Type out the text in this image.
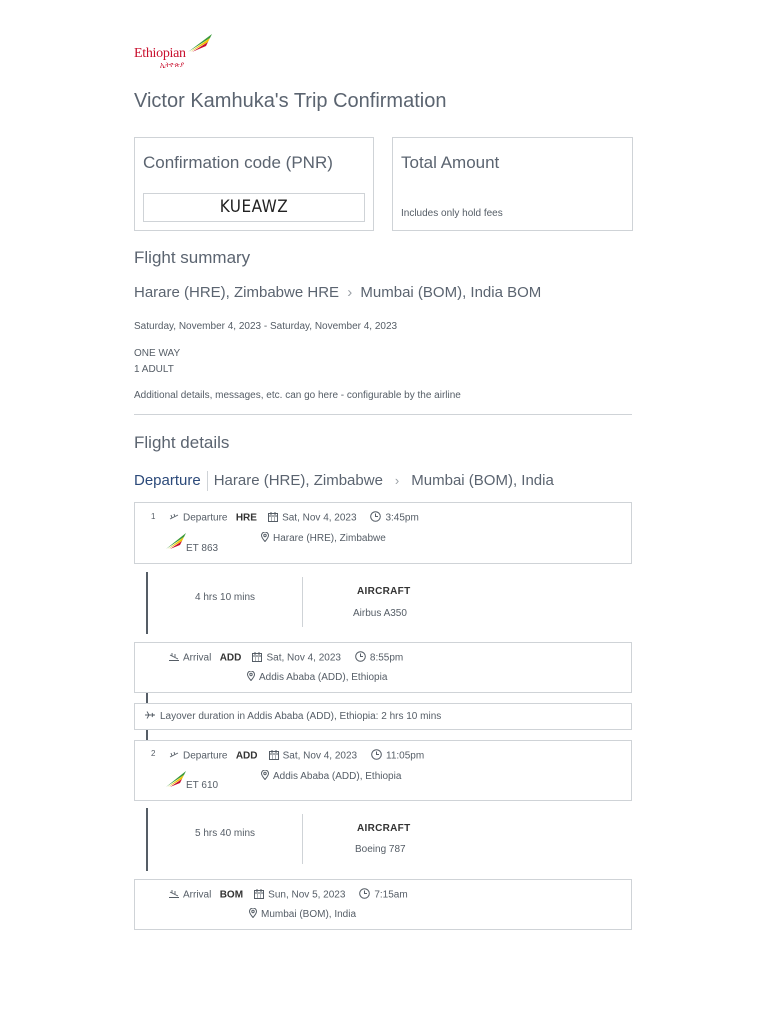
Ethiopian
ኢትዮጵያ
Victor Kamhuka's Trip Confirmation
Confirmation code (PNR)
KUEAWZ
Total Amount
Includes only hold fees
Flight summary
Harare (HRE), Zimbabwe HRE › Mumbai (BOM), India BOM
Saturday, November 4, 2023 - Saturday, November 4, 2023
ONE WAY
1 ADULT
Additional details, messages, etc. can go here - configurable by the airline
Flight details
Departure Harare (HRE), Zimbabwe › Mumbai (BOM), India
1	Departure HRE	Sat, Nov 4, 2023	3:45pm
Harare (HRE), Zimbabwe
ET 863
4 hrs 10 mins
AIRCRAFT
Airbus A350
Arrival ADD	Sat, Nov 4, 2023	8:55pm
Addis Ababa (ADD), Ethiopia
Layover duration in Addis Ababa (ADD), Ethiopia: 2 hrs 10 mins
2	Departure ADD	Sat, Nov 4, 2023	11:05pm
Addis Ababa (ADD), Ethiopia
ET 610
5 hrs 40 mins	AIRCRAFT
Boeing 787
Arrival BOM	Sun, Nov 5, 2023	7:15am
Mumbai (BOM), India
